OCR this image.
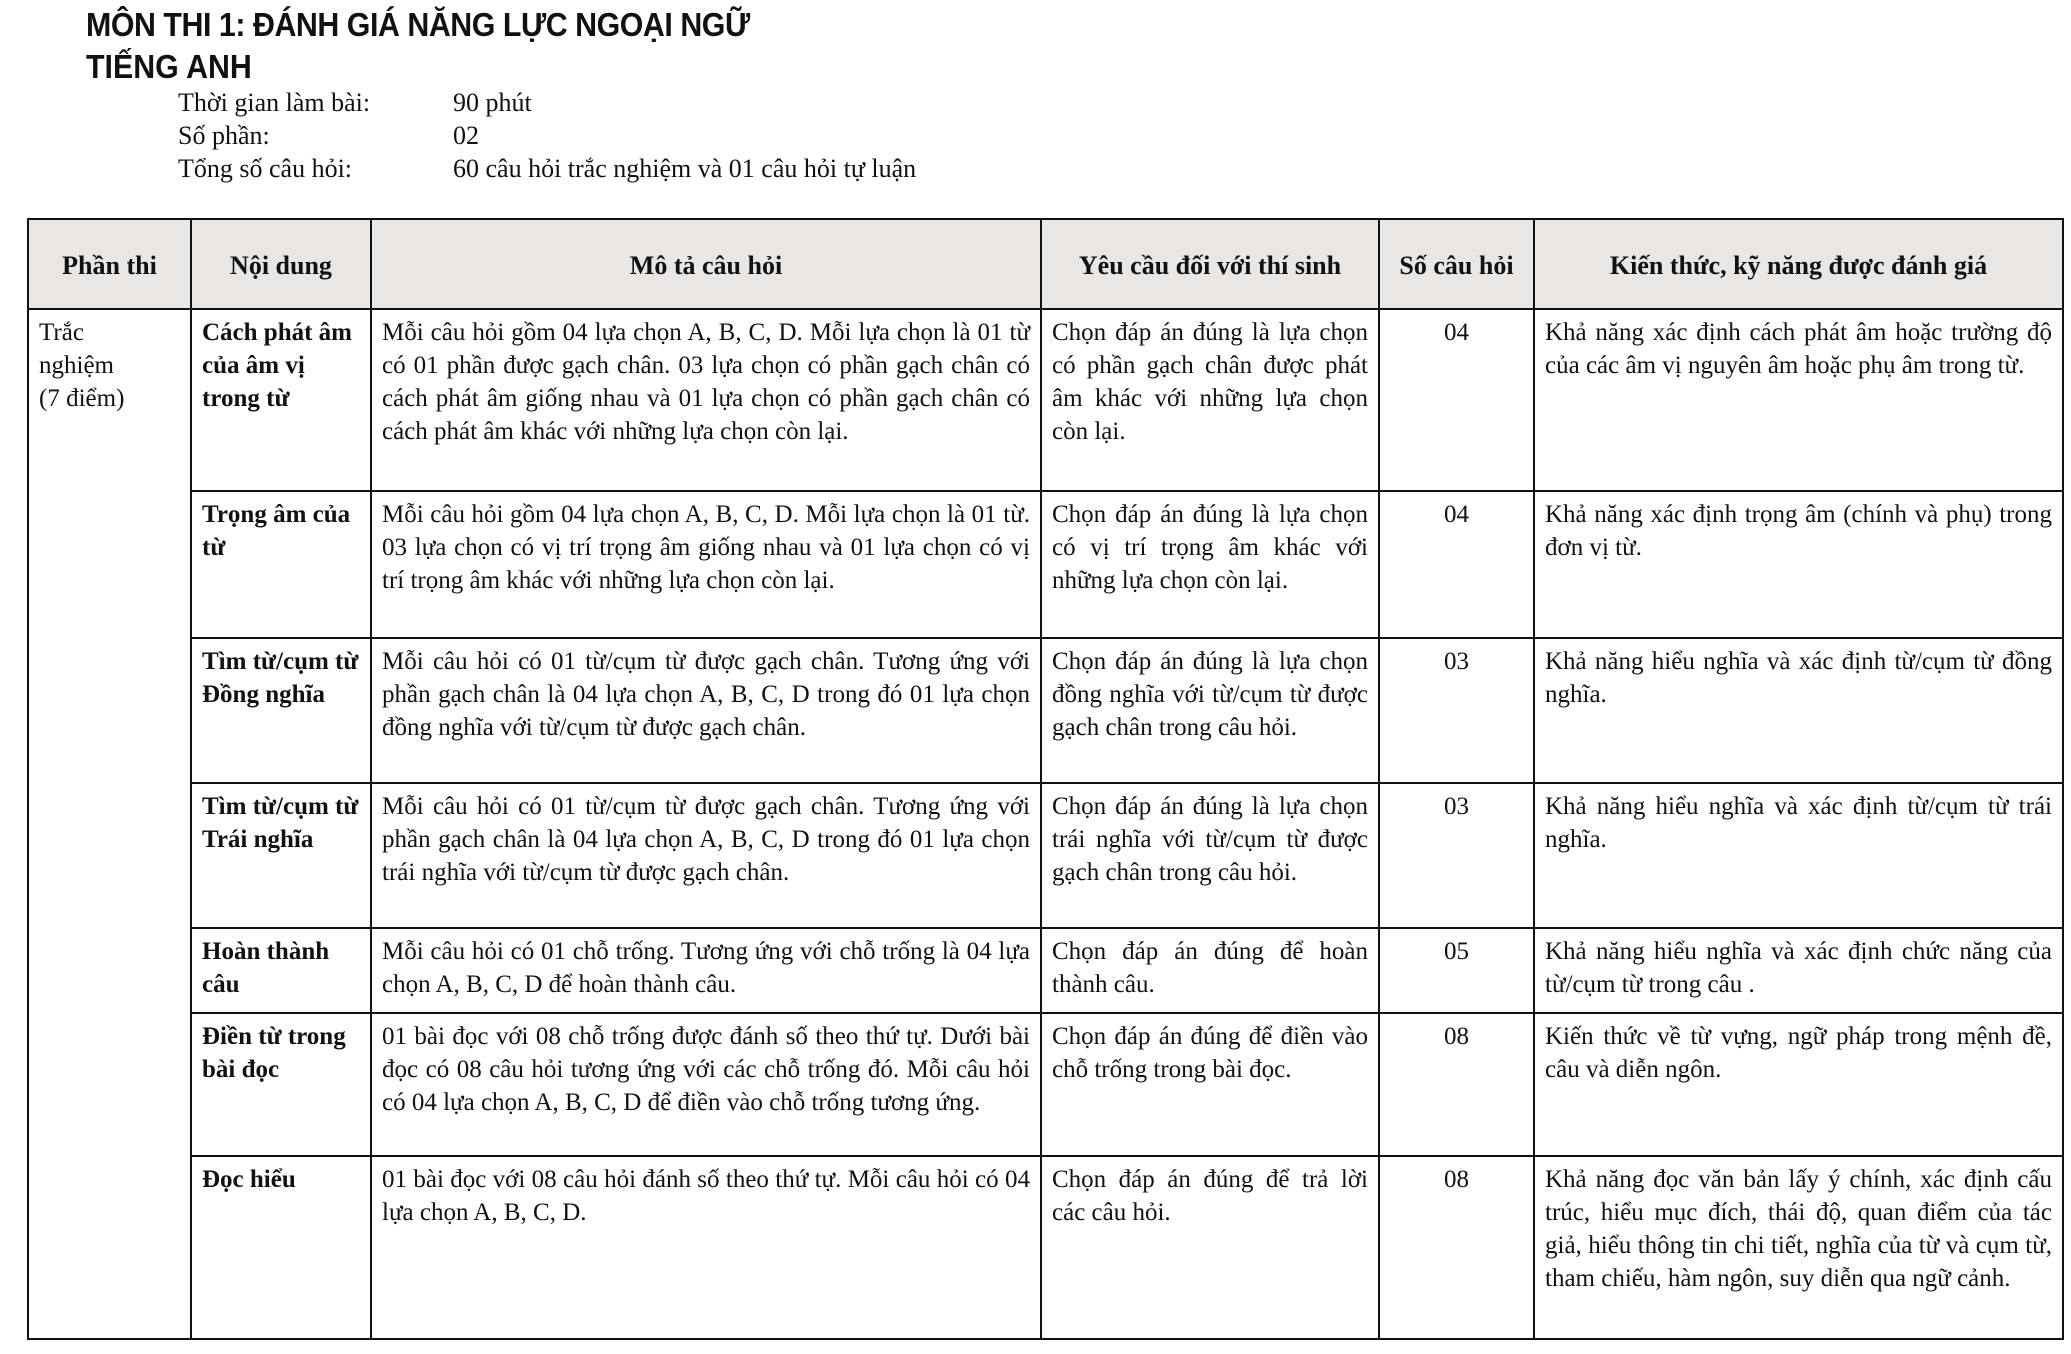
MÔN THI 1: ĐÁNH GIÁ NĂNG LỰC NGOẠI NGỮ
TIẾNG ANH
Thời gian làm bài:	90 phút
Số phần:	02
Tổng số câu hỏi:	60 câu hỏi trắc nghiệm và 01 câu hỏi tự luận
Phần thi	Nội dung	Mô tả câu hỏi	Yêu cầu đối với thí sinh	Số câu hỏi	Kiến thức, kỹ năng được đánh giá

Trắc
nghiệm
(7 điểm)
	Cách phát âm của âm vị trong từ	Mỗi câu hỏi gồm 04 lựa chọn A, B, C, D. Mỗi lựa chọn là 01 từ có 01 phần được gạch chân. 03 lựa chọn có phần gạch chân có cách phát âm giống nhau và 01 lựa chọn có phần gạch chân có cách phát âm khác với những lựa chọn còn lại.	Chọn đáp án đúng là lựa chọn có phần gạch chân được phát âm khác với những lựa chọn còn lại.	04	Khả năng xác định cách phát âm hoặc trường độ của các âm vị nguyên âm hoặc phụ âm trong từ.
	Trọng âm của từ	Mỗi câu hỏi gồm 04 lựa chọn A, B, C, D. Mỗi lựa chọn là 01 từ. 03 lựa chọn có vị trí trọng âm giống nhau và 01 lựa chọn có vị trí trọng âm khác với những lựa chọn còn lại.	Chọn đáp án đúng là lựa chọn có vị trí trọng âm khác với những lựa chọn còn lại.	04	Khả năng xác định trọng âm (chính và phụ) trong đơn vị từ.
	Tìm từ/cụm từ Đồng nghĩa	Mỗi câu hỏi có 01 từ/cụm từ được gạch chân. Tương ứng với phần gạch chân là 04 lựa chọn A, B, C, D trong đó 01 lựa chọn đồng nghĩa với từ/cụm từ được gạch chân.	Chọn đáp án đúng là lựa chọn đồng nghĩa với từ/cụm từ được gạch chân trong câu hỏi.	03	Khả năng hiểu nghĩa và xác định từ/cụm từ đồng nghĩa.
	Tìm từ/cụm từ Trái nghĩa	Mỗi câu hỏi có 01 từ/cụm từ được gạch chân. Tương ứng với phần gạch chân là 04 lựa chọn A, B, C, D trong đó 01 lựa chọn trái nghĩa với từ/cụm từ được gạch chân.	Chọn đáp án đúng là lựa chọn trái nghĩa với từ/cụm từ được gạch chân trong câu hỏi.	03	Khả năng hiểu nghĩa và xác định từ/cụm từ trái nghĩa.
	Hoàn thành câu	Mỗi câu hỏi có 01 chỗ trống. Tương ứng với chỗ trống là 04 lựa chọn A, B, C, D để hoàn thành câu.	Chọn đáp án đúng để hoàn thành câu.	05	Khả năng hiểu nghĩa và xác định chức năng của từ/cụm từ trong câu .
	Điền từ trong bài đọc	01 bài đọc với 08 chỗ trống được đánh số theo thứ tự. Dưới bài đọc có 08 câu hỏi tương ứng với các chỗ trống đó. Mỗi câu hỏi có 04 lựa chọn A, B, C, D để điền vào chỗ trống tương ứng.	Chọn đáp án đúng để điền vào chỗ trống trong bài đọc.	08	Kiến thức về từ vựng, ngữ pháp trong mệnh đề, câu và diễn ngôn.
	Đọc hiểu	01 bài đọc với 08 câu hỏi đánh số theo thứ tự. Mỗi câu hỏi có 04 lựa chọn A, B, C, D.	Chọn đáp án đúng để trả lời các câu hỏi.	08	Khả năng đọc văn bản lấy ý chính, xác định cấu trúc, hiểu mục đích, thái độ, quan điểm của tác giả, hiểu thông tin chi tiết, nghĩa của từ và cụm từ, tham chiếu, hàm ngôn, suy diễn qua ngữ cảnh.
